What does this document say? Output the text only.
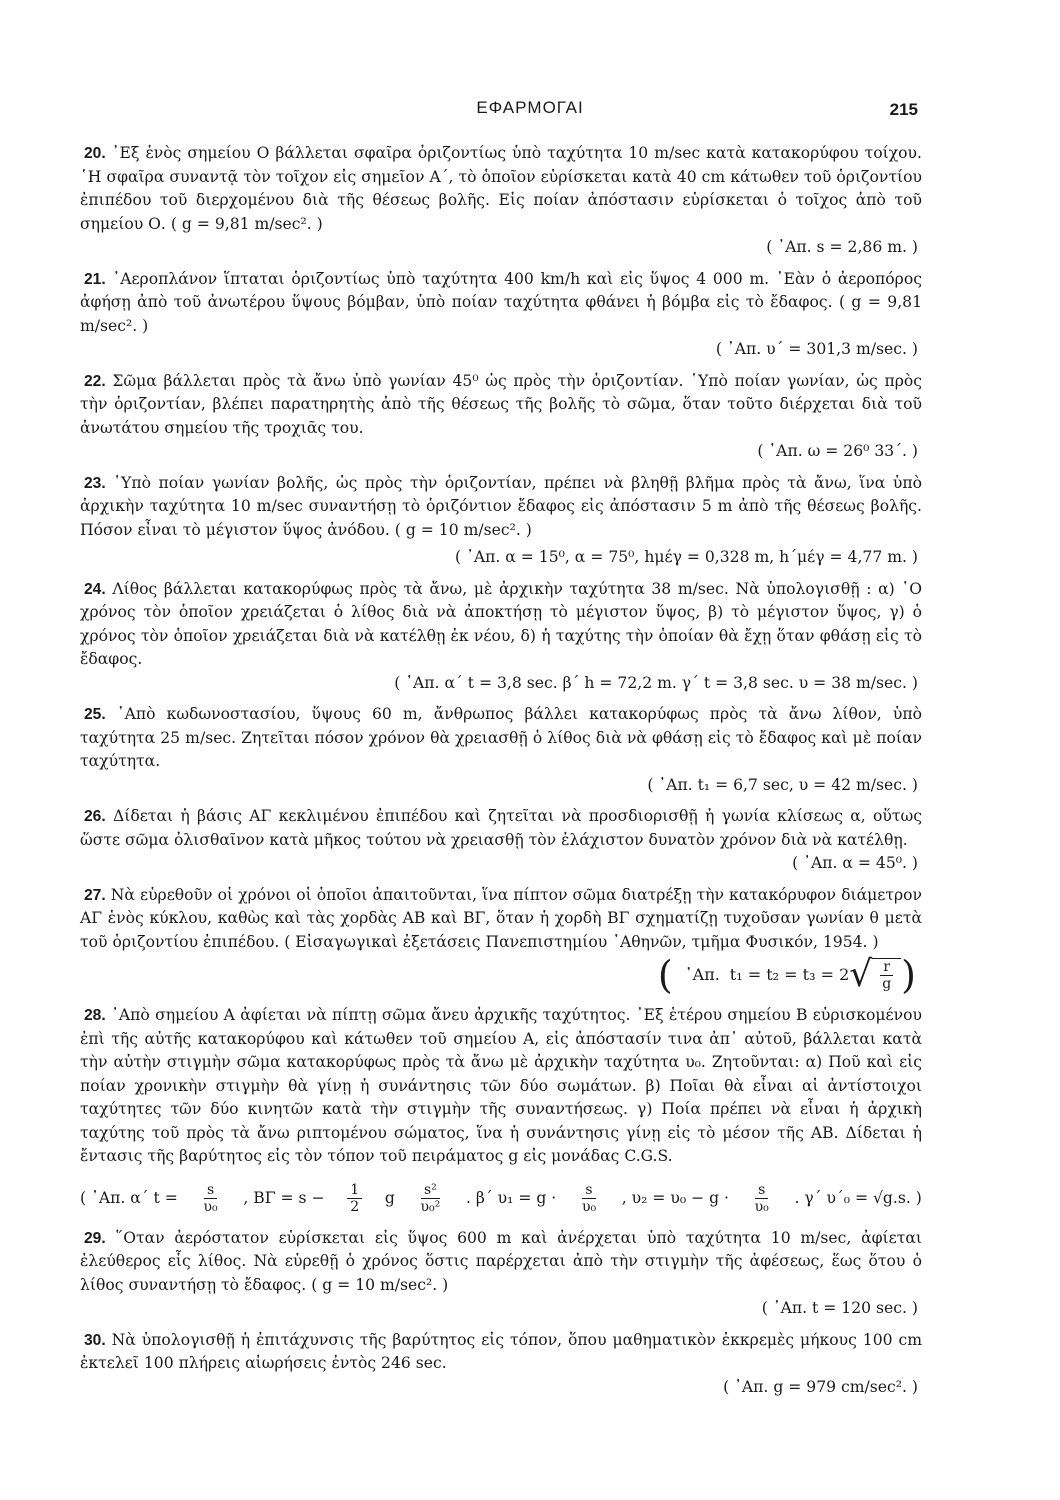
ΕΦΑΡΜΟΓΑΙ	215
20. ᾽Εξ ἑνὸς σημείου Ο βάλλεται σφαῖρα ὁριζοντίως ὑπὸ ταχύτητα 10 m/sec κατὰ κατακορύφου τοίχου. ῾Η σφαῖρα συναντᾷ τὸν τοῖχον εἰς σημεῖον Α΄, τὸ ὁποῖον εὑρίσκεται κατὰ 40 cm κάτωθεν τοῦ ὁριζοντίου ἐπιπέδου τοῦ διερχομένου διὰ τῆς θέσεως βολῆς. Εἰς ποίαν ἀπόστασιν εὑρίσκεται ὁ τοῖχος ἀπὸ τοῦ σημείου Ο. ( g = 9,81 m/sec². )
( ᾽Απ. s = 2,86 m. )
21. ᾽Αεροπλάνον ἵπταται ὁριζοντίως ὑπὸ ταχύτητα 400 km/h καὶ εἰς ὕψος 4 000 m. ᾽Εὰν ὁ ἀεροπόρος ἀφήσῃ ἀπὸ τοῦ ἀνωτέρου ὕψους βόμβαν, ὑπὸ ποίαν ταχύτητα φθάνει ἡ βόμβα εἰς τὸ ἔδαφος. ( g = 9,81 m/sec². )
( ᾽Απ. υ΄ = 301,3 m/sec. )
22. Σῶμα βάλλεται πρὸς τὰ ἄνω ὑπὸ γωνίαν 45⁰ ὡς πρὸς τὴν ὁριζοντίαν. ῾Υπὸ ποίαν γωνίαν, ὡς πρὸς τὴν ὁριζοντίαν, βλέπει παρατηρητὴς ἀπὸ τῆς θέσεως τῆς βολῆς τὸ σῶμα, ὅταν τοῦτο διέρχεται διὰ τοῦ ἀνωτάτου σημείου τῆς τροχιᾶς του.
( ᾽Απ. ω = 26⁰ 33΄. )
23. ῾Υπὸ ποίαν γωνίαν βολῆς, ὡς πρὸς τὴν ὁριζοντίαν, πρέπει νὰ βληθῇ βλῆμα πρὸς τὰ ἄνω, ἵνα ὑπὸ ἀρχικὴν ταχύτητα 10 m/sec συναντήσῃ τὸ ὁριζόντιον ἔδαφος εἰς ἀπόστασιν 5 m ἀπὸ τῆς θέσεως βολῆς. Πόσον εἶναι τὸ μέγιστον ὕψος ἀνόδου. ( g = 10 m/sec². )
( ᾽Απ. α = 15⁰, α = 75⁰, hμέγ = 0,328 m, h΄μέγ = 4,77 m. )
24. Λίθος βάλλεται κατακορύφως πρὸς τὰ ἄνω, μὲ ἀρχικὴν ταχύτητα 38 m/sec. Νὰ ὑπολογισθῇ : α) ῾Ο χρόνος τὸν ὁποῖον χρειάζεται ὁ λίθος διὰ νὰ ἀποκτήσῃ τὸ μέγιστον ὕψος, β) τὸ μέγιστον ὕψος, γ) ὁ χρόνος τὸν ὁποῖον χρειάζεται διὰ νὰ κατέλθῃ ἐκ νέου, δ) ἡ ταχύτης τὴν ὁποίαν θὰ ἔχῃ ὅταν φθάσῃ εἰς τὸ ἔδαφος.
( ᾽Απ. α΄ t = 3,8 sec. β΄ h = 72,2 m. γ΄ t = 3,8 sec. υ = 38 m/sec. )
25. ᾽Απὸ κωδωνοστασίου, ὕψους 60 m, ἄνθρωπος βάλλει κατακορύφως πρὸς τὰ ἄνω λίθον, ὑπὸ ταχύτητα 25 m/sec. Ζητεῖται πόσον χρόνον θὰ χρειασθῇ ὁ λίθος διὰ νὰ φθάσῃ εἰς τὸ ἔδαφος καὶ μὲ ποίαν ταχύτητα.
( ᾽Απ. t₁ = 6,7 sec, υ = 42 m/sec. )
26. Δίδεται ἡ βάσις ΑΓ κεκλιμένου ἐπιπέδου καὶ ζητεῖται νὰ προσδιορισθῇ ἡ γωνία κλίσεως α, οὕτως ὥστε σῶμα ὀλισθαῖνον κατὰ μῆκος τούτου νὰ χρειασθῇ τὸν ἐλάχιστον δυνατὸν χρόνον διὰ νὰ κατέλθῃ.
( ᾽Απ. α = 45⁰. )
27. Νὰ εὑρεθοῦν οἱ χρόνοι οἱ ὁποῖοι ἀπαιτοῦνται, ἵνα πίπτον σῶμα διατρέξῃ τὴν κατακόρυφον διάμετρον ΑΓ ἑνὸς κύκλου, καθὼς καὶ τὰς χορδὰς ΑΒ καὶ ΒΓ, ὅταν ἡ χορδὴ ΒΓ σχηματίζῃ τυχοῦσαν γωνίαν θ μετὰ τοῦ ὁριζοντίου ἐπιπέδου. ( Εἰσαγωγικαὶ ἐξετάσεις Πανεπιστημίου ᾽Αθηνῶν, τμῆμα Φυσικόν, 1954. )
( ᾽Απ. t₁ = t₂ = t₃ = 2 √ $\frac{r}{g}$ )
28. ᾽Απὸ σημείου Α ἀφίεται νὰ πίπτῃ σῶμα ἄνευ ἀρχικῆς ταχύτητος. ᾽Εξ ἑτέρου σημείου Β εὑρισκομένου ἐπὶ τῆς αὐτῆς κατακορύφου καὶ κάτωθεν τοῦ σημείου Α, εἰς ἀπόστασίν τινα ἀπ᾽ αὐτοῦ, βάλλεται κατὰ τὴν αὐτὴν στιγμὴν σῶμα κατακορύφως πρὸς τὰ ἄνω μὲ ἀρχικὴν ταχύτητα υ₀. Ζητοῦνται: α) Ποῦ καὶ εἰς ποίαν χρονικὴν στιγμὴν θὰ γίνῃ ἡ συνάντησις τῶν δύο σωμάτων. β) Ποῖαι θὰ εἶναι αἱ ἀντίστοιχοι ταχύτητες τῶν δύο κινητῶν κατὰ τὴν στιγμὴν τῆς συναντήσεως. γ) Ποία πρέπει νὰ εἶναι ἡ ἀρχικὴ ταχύτης τοῦ πρὸς τὰ ἄνω ριπτομένου σώματος, ἵνα ἡ συνάντησις γίνῃ εἰς τὸ μέσον τῆς ΑΒ. Δίδεται ἡ ἔντασις τῆς βαρύτητος εἰς τὸν τόπον τοῦ πειράματος g εἰς μονάδας C.G.S.
( ᾽Απ. α΄ $t = \frac{s}{\text{υ₀}}$ , $B\Gamma = s - \frac{1}{2}$ g $\frac{\text{s²}}{\text{υ₀²}}$ . β΄ $\upsilon_1 = g \cdot \frac{s}{\text{υ₀}}$ , $\upsilon_2 = \upsilon_0 - g \cdot \frac{s}{\text{υ₀}}$ . γ΄ υ΄₀ = √g.s. )
29. ῞Οταν ἀερόστατον εὑρίσκεται εἰς ὕψος 600 m καὶ ἀνέρχεται ὑπὸ ταχύτητα 10 m/sec, ἀφίεται ἐλεύθερος εἷς λίθος. Νὰ εὑρεθῇ ὁ χρόνος ὅστις παρέρχεται ἀπὸ τὴν στιγμὴν τῆς ἀφέσεως, ἕως ὅτου ὁ λίθος συναντήσῃ τὸ ἔδαφος. ( g = 10 m/sec². )
( ᾽Απ. t = 120 sec. )
30. Νὰ ὑπολογισθῇ ἡ ἐπιτάχυνσις τῆς βαρύτητος εἰς τόπον, ὅπου μαθηματικὸν ἐκκρεμὲς μήκους 100 cm ἐκτελεῖ 100 πλήρεις αἰωρήσεις ἐντὸς 246 sec.
( ᾽Απ. g = 979 cm/sec². )
